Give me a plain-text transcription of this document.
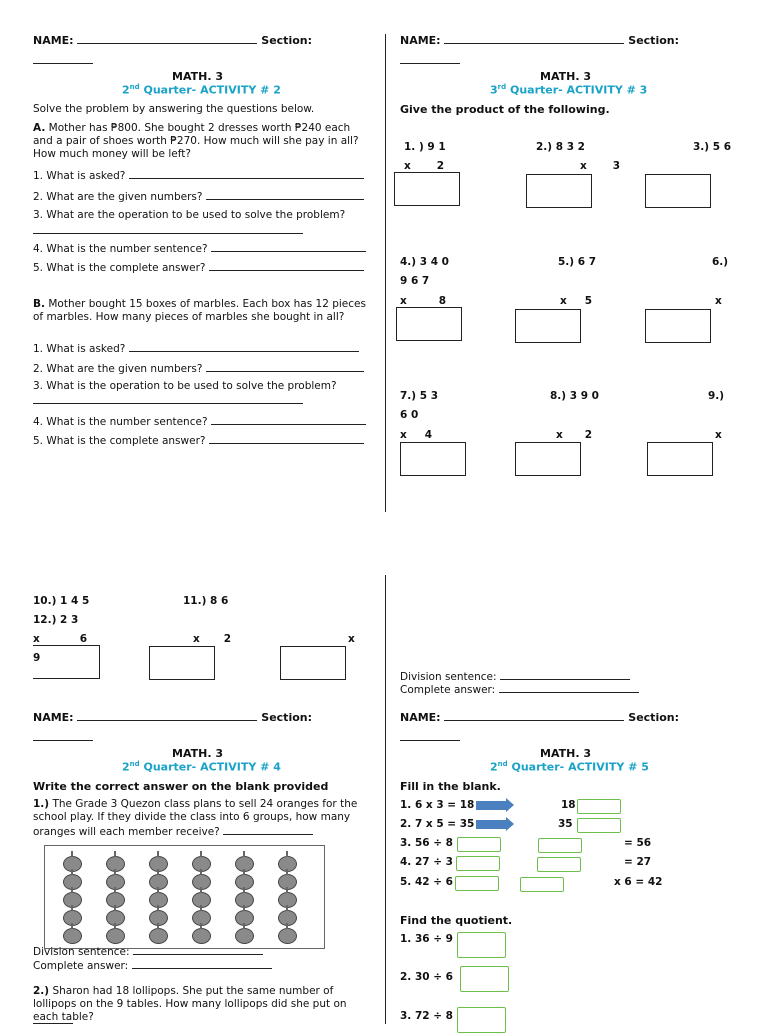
NAME:	Section:
MATH. 3
2nd Quarter- ACTIVITY # 2
Solve the problem by answering the questions below.
A. Mother has ₱800. She bought 2 dresses worth ₱240 each and a pair of shoes worth ₱270. How much will she pay in all? How much money will be left?
1. What is asked?
2. What are the given numbers?
3. What are the operation to be used to solve the problem?
4. What is the number sentence?
5. What is the complete answer?
B. Mother bought 15 boxes of marbles. Each box has 12 pieces of marbles. How many pieces of marbles she bought in all?
1. What is asked?
2. What are the given numbers?
3. What is the operation to be used to solve the problem?
4. What is the number sentence?
5. What is the complete answer?
NAME:	Section:
MATH. 3
3rd Quarter- ACTIVITY # 3
Give the product of the following.
1. ) 9 1
x 2
2.) 8 3 2
x 3
3.) 5 6
4.) 3 4 0
9 6 7
x	8
5.) 6 7
x 5
6.)
x
7.) 5 3
6 0
x 4
8.) 3 9 0
x 2
9.)
x
10.) 1 4 5	11.) 8 6
12.) 2 3
x	6	x 2	x
9
NAME:	Section:
MATH. 3
2nd Quarter- ACTIVITY # 4
Write the correct answer on the blank provided
1.) The Grade 3 Quezon class plans to sell 24 oranges for the school play. If they divide the class into 6 groups, how many oranges will each member receive?
Division sentence:
Complete answer:
2.) Sharon had 18 lollipops. She put the same number of lollipops on the 9 tables. How many lollipops did she put on each table?
Division sentence:
Complete answer:
NAME:	Section:
MATH. 3
2nd Quarter- ACTIVITY # 5
Fill in the blank.
1. 6 x 3 = 18	18
2. 7 x 5 = 35	35
3. 56 ÷ 8	= 56
4. 27 ÷ 3	= 27
5. 42 ÷ 6	x 6 = 42
Find the quotient.
1. 36 ÷ 9
2. 30 ÷ 6
3. 72 ÷ 8
